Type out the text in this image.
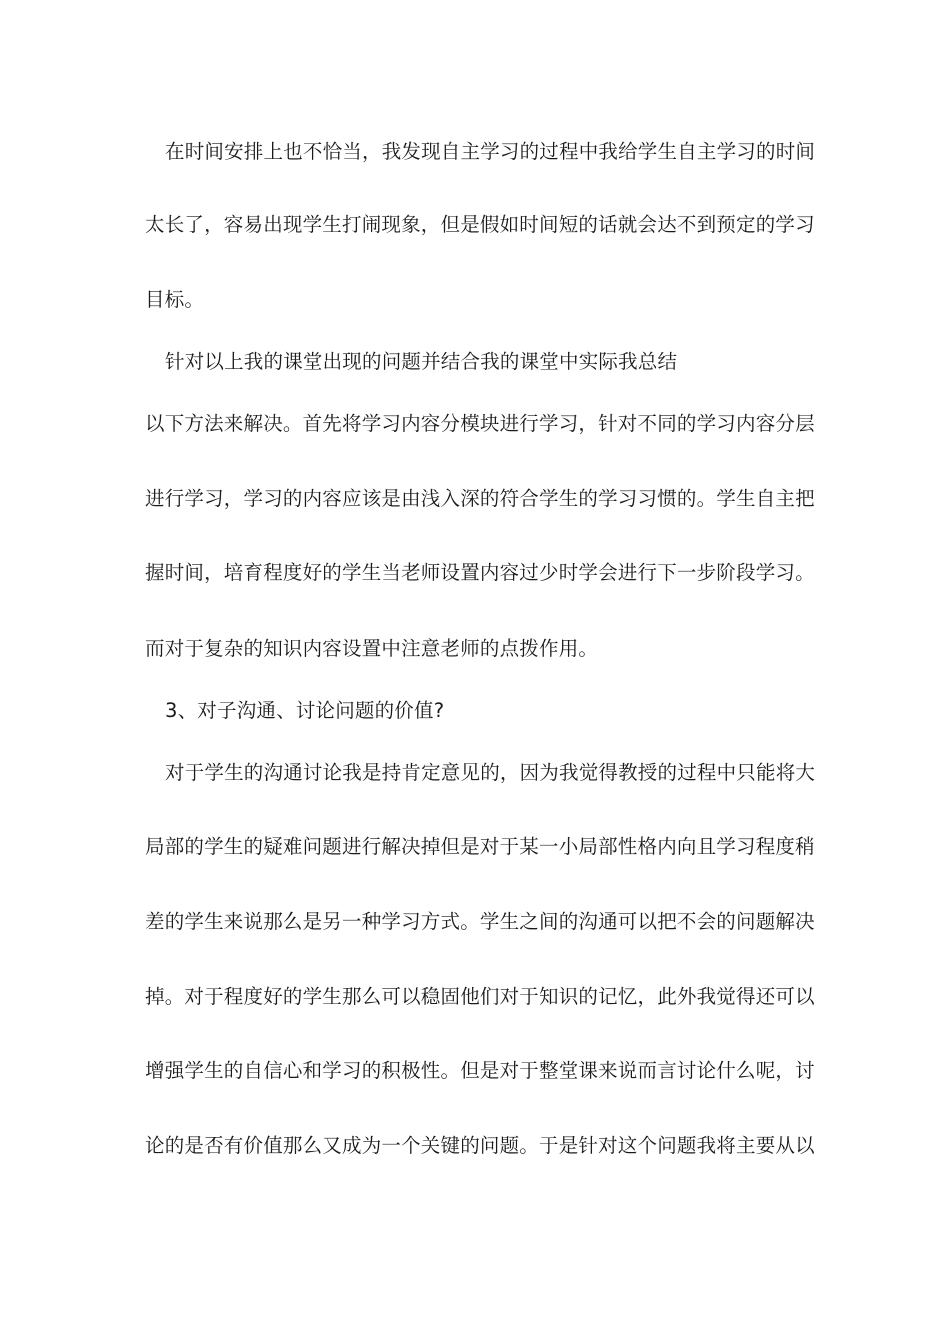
在时间安排上也不恰当，我发现自主学习的过程中我给学生自主学习的时间
太长了，容易出现学生打闹现象，但是假如时间短的话就会达不到预定的学习
目标。
针对以上我的课堂出现的问题并结合我的课堂中实际我总结
以下方法来解决。首先将学习内容分模块进行学习，针对不同的学习内容分层
进行学习，学习的内容应该是由浅入深的符合学生的学习习惯的。学生自主把
握时间，培育程度好的学生当老师设置内容过少时学会进行下一步阶段学习。
而对于复杂的知识内容设置中注意老师的点拨作用。
3、对子沟通、讨论问题的价值?
对于学生的沟通讨论我是持肯定意见的，因为我觉得教授的过程中只能将大
局部的学生的疑难问题进行解决掉但是对于某一小局部性格内向且学习程度稍
差的学生来说那么是另一种学习方式。学生之间的沟通可以把不会的问题解决
掉。对于程度好的学生那么可以稳固他们对于知识的记忆，此外我觉得还可以
增强学生的自信心和学习的积极性。但是对于整堂课来说而言讨论什么呢，讨
论的是否有价值那么又成为一个关键的问题。于是针对这个问题我将主要从以
